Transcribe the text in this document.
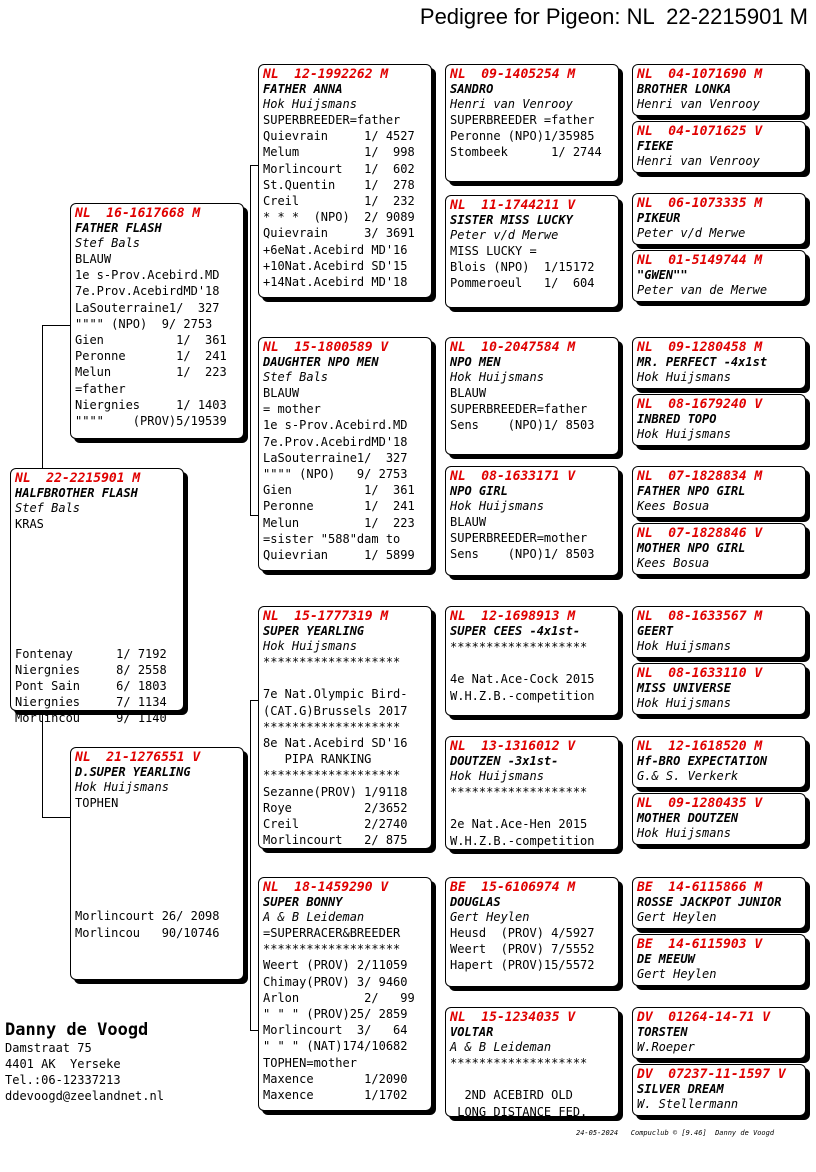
Pedigree for Pigeon: NL  22-2215901 M
NL  22-2215901 M
HALFBROTHER FLASH
Stef Bals
KRAS

Fontenay      1/ 7192
Niergnies     8/ 2558
Pont Sain     6/ 1803
Niergnies     7/ 1134
Morlincou     9/ 1140
NL  16-1617668 M
FATHER FLASH
Stef Bals
BLAUW
1e s-Prov.Acebird.MD
7e.Prov.AcebirdMD'18
LaSouterraine1/  327
"""" (NPO)  9/ 2753
Gien          1/  361
Peronne       1/  241
Melun         1/  223
=father
Niergnies     1/ 1403
""""    (PROV)5/19539
NL  21-1276551 V
D.SUPER YEARLING
Hok Huijsmans
TOPHEN

Morlincourt 26/ 2098
Morlincou   90/10746
NL  12-1992262 M
FATHER ANNA
Hok Huijsmans
SUPERBREEDER=father
Quievrain     1/ 4527
Melum         1/  998
Morlincourt   1/  602
St.Quentin    1/  278
Creil         1/  232
* * *  (NPO)  2/ 9089
Quievrain     3/ 3691
+6eNat.Acebird MD'16
+10Nat.Acebird SD'15
+14Nat.Acebird MD'18
NL  15-1800589 V
DAUGHTER NPO MEN
Stef Bals
BLAUW
= mother
1e s-Prov.Acebird.MD
7e.Prov.AcebirdMD'18
LaSouterraine1/  327
"""" (NPO)   9/ 2753
Gien          1/  361
Peronne       1/  241
Melun         1/  223
=sister "588"dam to
Quievrian     1/ 5899
NL  15-1777319 M
SUPER YEARLING
Hok Huijsmans
*******************

7e Nat.Olympic Bird-
(CAT.G)Brussels 2017
*******************
8e Nat.Acebird SD'16
PIPA RANKING
*******************
Sezanne(PROV) 1/9118
Roye          2/3652
Creil         2/2740
Morlincourt   2/ 875
NL  18-1459290 V
SUPER BONNY
A & B Leideman
=SUPERRACER&BREEDER
*******************
Weert (PROV) 2/11059
Chimay(PROV) 3/ 9460
Arlon         2/   99
" " " (PROV)25/ 2859
Morlincourt  3/   64
" " " (NAT)174/10682
TOPHEN=mother
Maxence       1/2090
Maxence       1/1702
NL  09-1405254 M
SANDRO
Henri van Venrooy
SUPERBREEDER =father
Peronne (NPO)1/35985
Stombeek      1/ 2744
NL  11-1744211 V
SISTER MISS LUCKY
Peter v/d Merwe
MISS LUCKY =
Blois (NPO)  1/15172
Pommeroeul   1/  604
NL  10-2047584 M
NPO MEN
Hok Huijsmans
BLAUW
SUPERBREEDER=father
Sens    (NPO)1/ 8503
NL  08-1633171 V
NPO GIRL
Hok Huijsmans
BLAUW
SUPERBREEDER=mother
Sens    (NPO)1/ 8503
NL  12-1698913 M
SUPER CEES -4x1st-
*******************

4e Nat.Ace-Cock 2015
W.H.Z.B.-competition
NL  13-1316012 V
DOUTZEN -3x1st-
Hok Huijsmans
*******************

2e Nat.Ace-Hen 2015
W.H.Z.B.-competition
BE  15-6106974 M
DOUGLAS
Gert Heylen
Heusd  (PROV) 4/5927
Weert  (PROV) 7/5552
Hapert (PROV)15/5572
NL  15-1234035 V
VOLTAR
A & B Leideman
*******************

2ND ACEBIRD OLD
LONG DISTANCE FED.
NL  04-1071690 M
BROTHER LONKA
Henri van Venrooy
NL  04-1071625 V
FIEKE
Henri van Venrooy
NL  06-1073335 M
PIKEUR
Peter v/d Merwe
NL  01-5149744 M
"GWEN""
Peter van de Merwe
NL  09-1280458 M
MR. PERFECT -4x1st
Hok Huijsmans
NL  08-1679240 V
INBRED TOPO
Hok Huijsmans
NL  07-1828834 M
FATHER NPO GIRL
Kees Bosua
NL  07-1828846 V
MOTHER NPO GIRL
Kees Bosua
NL  08-1633567 M
GEERT
Hok Huijsmans
NL  08-1633110 V
MISS UNIVERSE
Hok Huijsmans
NL  12-1618520 M
Hf-BRO EXPECTATION
G.& S. Verkerk
NL  09-1280435 V
MOTHER DOUTZEN
Hok Huijsmans
BE  14-6115866 M
ROSSE JACKPOT JUNIOR
Gert Heylen
BE  14-6115903 V
DE MEEUW
Gert Heylen
DV  01264-14-71 V
TORSTEN
W.Roeper
DV  07237-11-1597 V
SILVER DREAM
W. Stellermann
Danny de Voogd
Damstraat 75
4401 AK  Yerseke
Tel.:06-12337213
ddevoogd@zeelandnet.nl
24-05-2024   Compuclub © [9.46]  Danny de Voogd
